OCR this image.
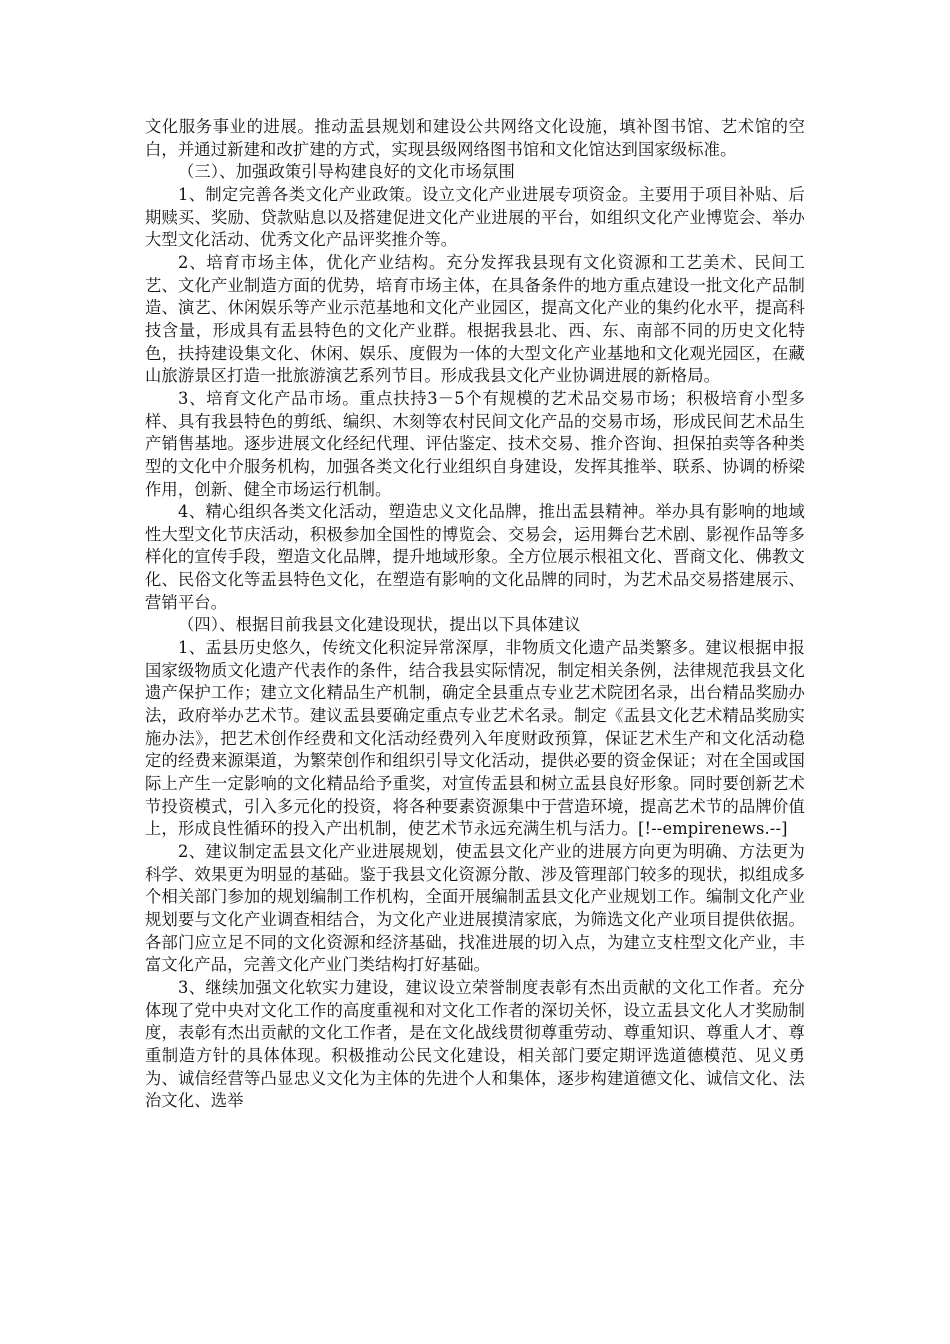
文化服务事业的进展。推动盂县规划和建设公共网络文化设施，填补图书馆、艺术馆的空白，并通过新建和改扩建的方式，实现县级网络图书馆和文化馆达到国家级标准。

（三）、加强政策引导构建良好的文化市场氛围

1、制定完善各类文化产业政策。设立文化产业进展专项资金。主要用于项目补贴、后期赎买、奖励、贷款贴息以及搭建促进文化产业进展的平台，如组织文化产业博览会、举办大型文化活动、优秀文化产品评奖推介等。

2、培育市场主体，优化产业结构。充分发挥我县现有文化资源和工艺美术、民间工艺、文化产业制造方面的优势，培育市场主体，在具备条件的地方重点建设一批文化产品制造、演艺、休闲娱乐等产业示范基地和文化产业园区，提高文化产业的集约化水平，提高科技含量，形成具有盂县特色的文化产业群。根据我县北、西、东、南部不同的历史文化特色，扶持建设集文化、休闲、娱乐、度假为一体的大型文化产业基地和文化观光园区，在藏山旅游景区打造一批旅游演艺系列节目。形成我县文化产业协调进展的新格局。

3、培育文化产品市场。重点扶持3－5个有规模的艺术品交易市场；积极培育小型多样、具有我县特色的剪纸、编织、木刻等农村民间文化产品的交易市场，形成民间艺术品生产销售基地。逐步进展文化经纪代理、评估鉴定、技术交易、推介咨询、担保拍卖等各种类型的文化中介服务机构，加强各类文化行业组织自身建设，发挥其推举、联系、协调的桥梁作用，创新、健全市场运行机制。

4、精心组织各类文化活动，塑造忠义文化品牌，推出盂县精神。举办具有影响的地域性大型文化节庆活动，积极参加全国性的博览会、交易会，运用舞台艺术剧、影视作品等多样化的宣传手段，塑造文化品牌，提升地域形象。全方位展示根祖文化、晋商文化、佛教文化、民俗文化等盂县特色文化，在塑造有影响的文化品牌的同时，为艺术品交易搭建展示、营销平台。

（四）、根据目前我县文化建设现状，提出以下具体建议

1、盂县历史悠久，传统文化积淀异常深厚，非物质文化遗产品类繁多。建议根据申报国家级物质文化遗产代表作的条件，结合我县实际情况，制定相关条例，法律规范我县文化遗产保护工作；建立文化精品生产机制，确定全县重点专业艺术院团名录，出台精品奖励办法，政府举办艺术节。建议盂县要确定重点专业艺术名录。制定《盂县文化艺术精品奖励实施办法》，把艺术创作经费和文化活动经费列入年度财政预算，保证艺术生产和文化活动稳定的经费来源渠道，为繁荣创作和组织引导文化活动，提供必要的资金保证；对在全国或国际上产生一定影响的文化精品给予重奖，对宣传盂县和树立盂县良好形象。同时要创新艺术节投资模式，引入多元化的投资，将各种要素资源集中于营造环境，提高艺术节的品牌价值上，形成良性循环的投入产出机制，使艺术节永远充满生机与活力。[!--empirenews.--]

2、建议制定盂县文化产业进展规划，使盂县文化产业的进展方向更为明确、方法更为科学、效果更为明显的基础。鉴于我县文化资源分散、涉及管理部门较多的现状，拟组成多个相关部门参加的规划编制工作机构，全面开展编制盂县文化产业规划工作。编制文化产业规划要与文化产业调查相结合，为文化产业进展摸清家底，为筛选文化产业项目提供依据。各部门应立足不同的文化资源和经济基础，找准进展的切入点，为建立支柱型文化产业，丰富文化产品，完善文化产业门类结构打好基础。

3、继续加强文化软实力建设，建议设立荣誉制度表彰有杰出贡献的文化工作者。充分体现了党中央对文化工作的高度重视和对文化工作者的深切关怀，设立盂县文化人才奖励制度，表彰有杰出贡献的文化工作者，是在文化战线贯彻尊重劳动、尊重知识、尊重人才、尊重制造方针的具体体现。积极推动公民文化建设，相关部门要定期评选道德模范、见义勇为、诚信经营等凸显忠义文化为主体的先进个人和集体，逐步构建道德文化、诚信文化、法治文化、选举
